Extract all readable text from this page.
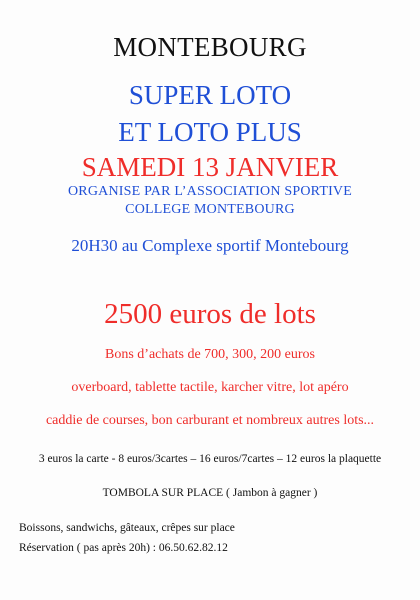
MONTEBOURG

SUPER LOTO

ET LOTO PLUS

SAMEDI 13 JANVIER

ORGANISE PAR L’ASSOCIATION SPORTIVE

COLLEGE MONTEBOURG

20H30 au Complexe sportif Montebourg

2500 euros de lots

Bons d’achats de 700, 300, 200 euros

overboard, tablette tactile, karcher vitre, lot apéro

caddie de courses, bon carburant et nombreux autres lots...

3 euros la carte - 8 euros/3cartes – 16 euros/7cartes – 12 euros la plaquette

TOMBOLA SUR PLACE ( Jambon à gagner )

Boissons, sandwichs, gâteaux, crêpes sur place

Réservation ( pas après 20h) : 06.50.62.82.12
